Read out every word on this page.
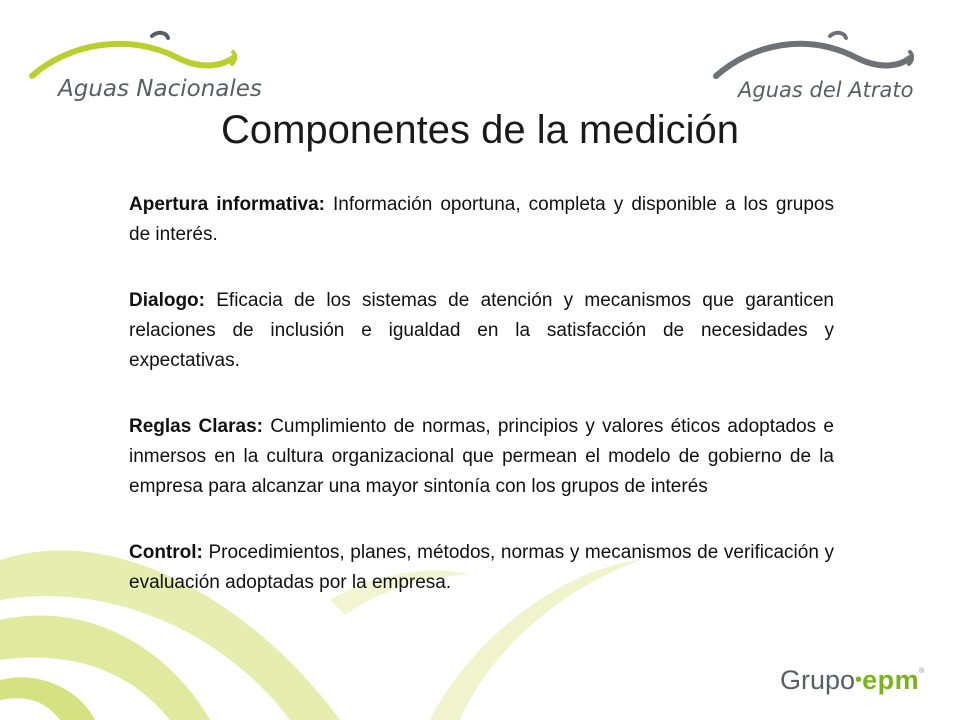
Aguas Nacionales	Aguas del Atrato
Componentes de la medición

Apertura informativa: Información oportuna, completa y disponible a los grupos de interés.

Dialogo: Eficacia de los sistemas de atención y mecanismos que garanticen relaciones de inclusión e igualdad en la satisfacción de necesidades y expectativas.

Reglas Claras: Cumplimiento de normas, principios y valores éticos adoptados e inmersos en la cultura organizacional que permean el modelo de gobierno de la empresa para alcanzar una mayor sintonía con los grupos de interés

Control: Procedimientos, planes, métodos, normas y mecanismos de verificación y evaluación adoptadas por la empresa.

Grupo•epm®
